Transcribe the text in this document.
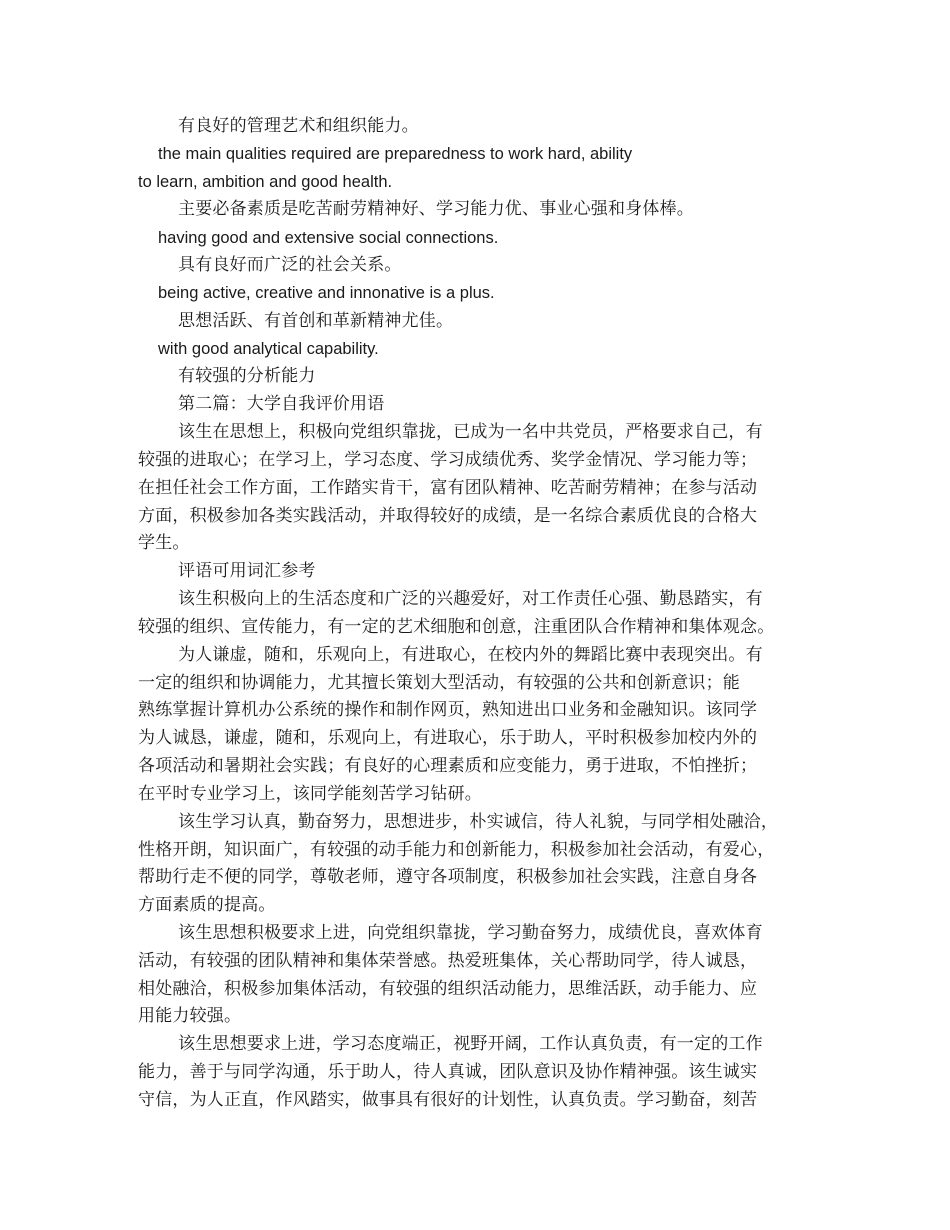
有良好的管理艺术和组织能力。
the main qualities required are preparedness to work hard, ability
to learn, ambition and good health.
主要必备素质是吃苦耐劳精神好、学习能力优、事业心强和身体棒。
having good and extensive social connections.
具有良好而广泛的社会关系。
being active, creative and innonative is a plus.
思想活跃、有首创和革新精神尤佳。
with good analytical capability.
有较强的分析能力
第二篇：大学自我评价用语
该生在思想上，积极向党组织靠拢，已成为一名中共党员，严格要求自己，有
较强的进取心；在学习上，学习态度、学习成绩优秀、奖学金情况、学习能力等；
在担任社会工作方面，工作踏实肯干，富有团队精神、吃苦耐劳精神；在参与活动
方面，积极参加各类实践活动，并取得较好的成绩，是一名综合素质优良的合格大
学生。
评语可用词汇参考
该生积极向上的生活态度和广泛的兴趣爱好，对工作责任心强、勤恳踏实，有
较强的组织、宣传能力，有一定的艺术细胞和创意，注重团队合作精神和集体观念。
为人谦虚，随和，乐观向上，有进取心，在校内外的舞蹈比赛中表现突出。有
一定的组织和协调能力，尤其擅长策划大型活动，有较强的公共和创新意识；能
熟练掌握计算机办公系统的操作和制作网页，熟知进出口业务和金融知识。该同学
为人诚恳，谦虚，随和，乐观向上，有进取心，乐于助人，平时积极参加校内外的
各项活动和暑期社会实践；有良好的心理素质和应变能力，勇于进取，不怕挫折；
在平时专业学习上，该同学能刻苦学习钻研。
该生学习认真，勤奋努力，思想进步，朴实诚信，待人礼貌，与同学相处融洽，
性格开朗，知识面广，有较强的动手能力和创新能力，积极参加社会活动，有爱心，
帮助行走不便的同学，尊敬老师，遵守各项制度，积极参加社会实践，注意自身各
方面素质的提高。
该生思想积极要求上进，向党组织靠拢，学习勤奋努力，成绩优良，喜欢体育
活动，有较强的团队精神和集体荣誉感。热爱班集体，关心帮助同学，待人诚恳，
相处融洽，积极参加集体活动，有较强的组织活动能力，思维活跃，动手能力、应
用能力较强。
该生思想要求上进，学习态度端正，视野开阔，工作认真负责，有一定的工作
能力，善于与同学沟通，乐于助人，待人真诚，团队意识及协作精神强。该生诚实
守信，为人正直，作风踏实，做事具有很好的计划性，认真负责。学习勤奋，刻苦
